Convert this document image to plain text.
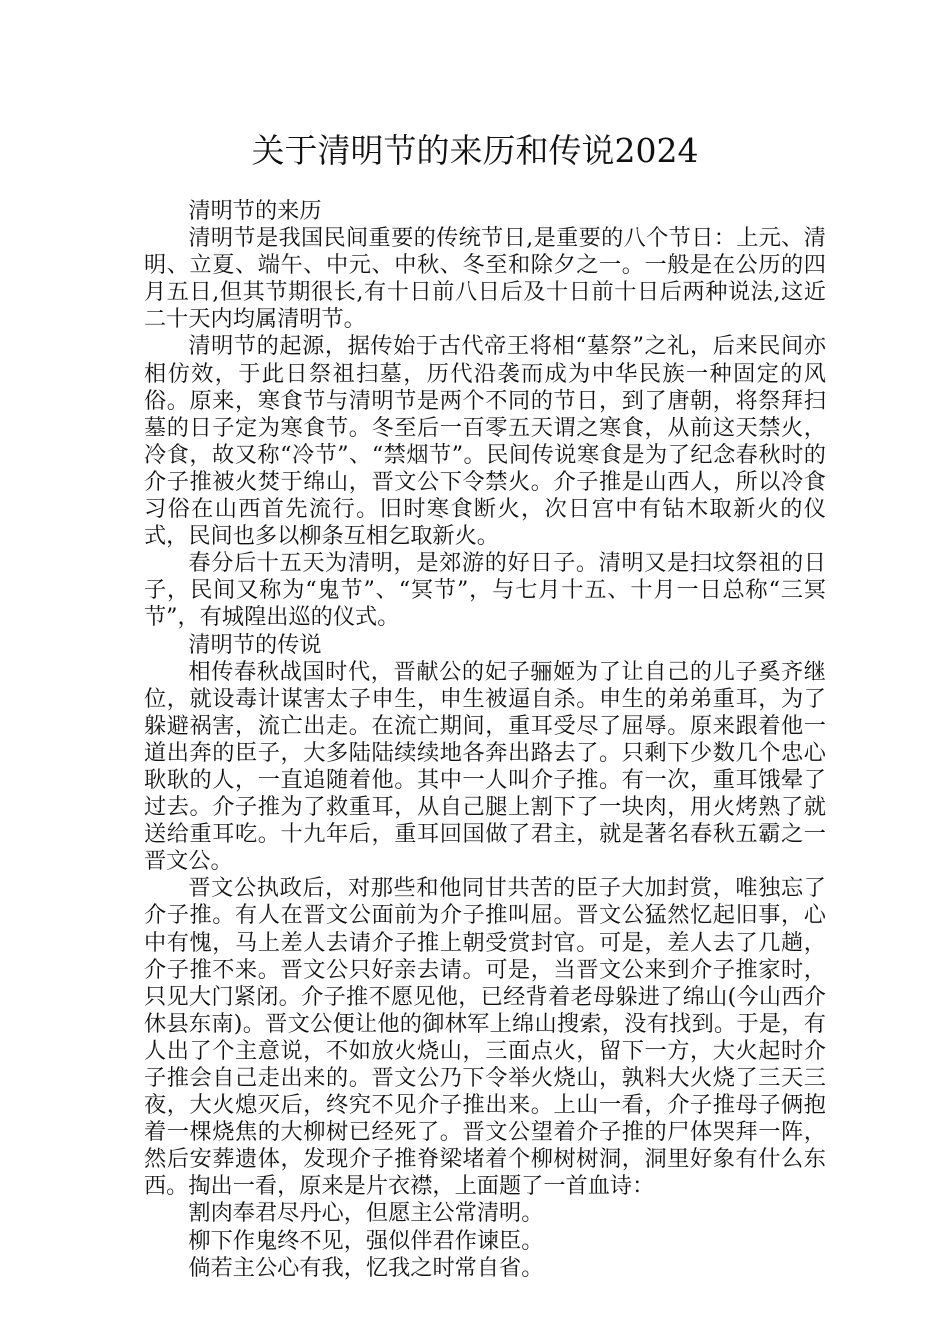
关于清明节的来历和传说2024

清明节的来历

清明节是我国民间重要的传统节日,是重要的八个节日：上元、清明、立夏、端午、中元、中秋、冬至和除夕之一。一般是在公历的四月五日,但其节期很长,有十日前八日后及十日前十日后两种说法,这近二十天内均属清明节。

清明节的起源，据传始于古代帝王将相“墓祭”之礼，后来民间亦相仿效，于此日祭祖扫墓，历代沿袭而成为中华民族一种固定的风俗。原来，寒食节与清明节是两个不同的节日，到了唐朝，将祭拜扫墓的日子定为寒食节。冬至后一百零五天谓之寒食，从前这天禁火，冷食，故又称“冷节”、“禁烟节”。民间传说寒食是为了纪念春秋时的介子推被火焚于绵山，晋文公下令禁火。介子推是山西人，所以冷食习俗在山西首先流行。旧时寒食断火，次日宫中有钻木取新火的仪式，民间也多以柳条互相乞取新火。

春分后十五天为清明，是郊游的好日子。清明又是扫坟祭祖的日子，民间又称为“鬼节”、“冥节”，与七月十五、十月一日总称“三冥节”，有城隍出巡的仪式。

清明节的传说

相传春秋战国时代，晋献公的妃子骊姬为了让自己的儿子奚齐继位，就设毒计谋害太子申生，申生被逼自杀。申生的弟弟重耳，为了躲避祸害，流亡出走。在流亡期间，重耳受尽了屈辱。原来跟着他一道出奔的臣子，大多陆陆续续地各奔出路去了。只剩下少数几个忠心耿耿的人，一直追随着他。其中一人叫介子推。有一次，重耳饿晕了过去。介子推为了救重耳，从自己腿上割下了一块肉，用火烤熟了就送给重耳吃。十九年后，重耳回国做了君主，就是著名春秋五霸之一晋文公。

晋文公执政后，对那些和他同甘共苦的臣子大加封赏，唯独忘了介子推。有人在晋文公面前为介子推叫屈。晋文公猛然忆起旧事，心中有愧，马上差人去请介子推上朝受赏封官。可是，差人去了几趟，介子推不来。晋文公只好亲去请。可是，当晋文公来到介子推家时，只见大门紧闭。介子推不愿见他，已经背着老母躲进了绵山(今山西介休县东南)。晋文公便让他的御林军上绵山搜索，没有找到。于是，有人出了个主意说，不如放火烧山，三面点火，留下一方，大火起时介子推会自己走出来的。晋文公乃下令举火烧山，孰料大火烧了三天三夜，大火熄灭后，终究不见介子推出来。上山一看，介子推母子俩抱着一棵烧焦的大柳树已经死了。晋文公望着介子推的尸体哭拜一阵，然后安葬遗体，发现介子推脊梁堵着个柳树树洞，洞里好象有什么东西。掏出一看，原来是片衣襟，上面题了一首血诗：

割肉奉君尽丹心，但愿主公常清明。

柳下作鬼终不见，强似伴君作谏臣。

倘若主公心有我，忆我之时常自省。
